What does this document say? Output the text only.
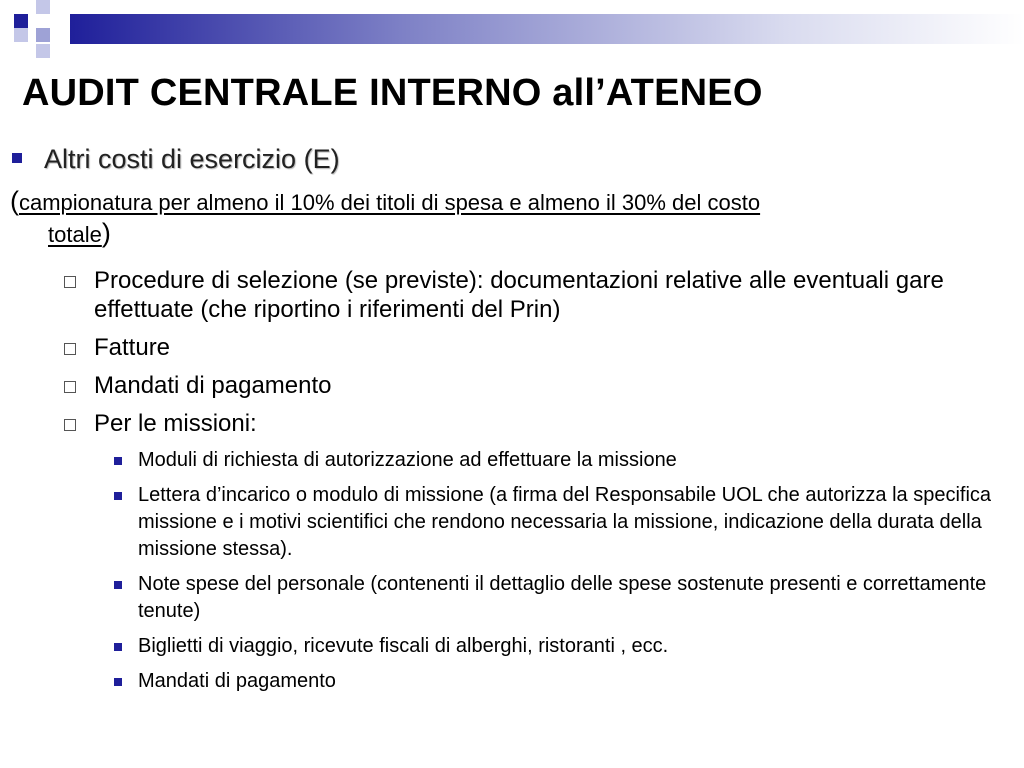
AUDIT CENTRALE INTERNO all’ATENEO
Altri costi di esercizio (E)
(campionatura per almeno il 10% dei titoli di spesa e almeno il 30% del costo
totale)
Procedure di selezione (se previste): documentazioni relative alle eventuali gare effettuate (che riportino i riferimenti del Prin)
Fatture
Mandati di pagamento
Per le missioni:
Moduli di richiesta di autorizzazione ad effettuare la missione
Lettera d’incarico o modulo di missione (a firma del Responsabile UOL che autorizza la specifica missione e i motivi scientifici che rendono necessaria la missione, indicazione della durata della missione stessa).
Note spese del personale (contenenti il dettaglio delle spese sostenute presenti e correttamente tenute)
Biglietti di viaggio, ricevute fiscali di alberghi, ristoranti , ecc.
Mandati di pagamento
